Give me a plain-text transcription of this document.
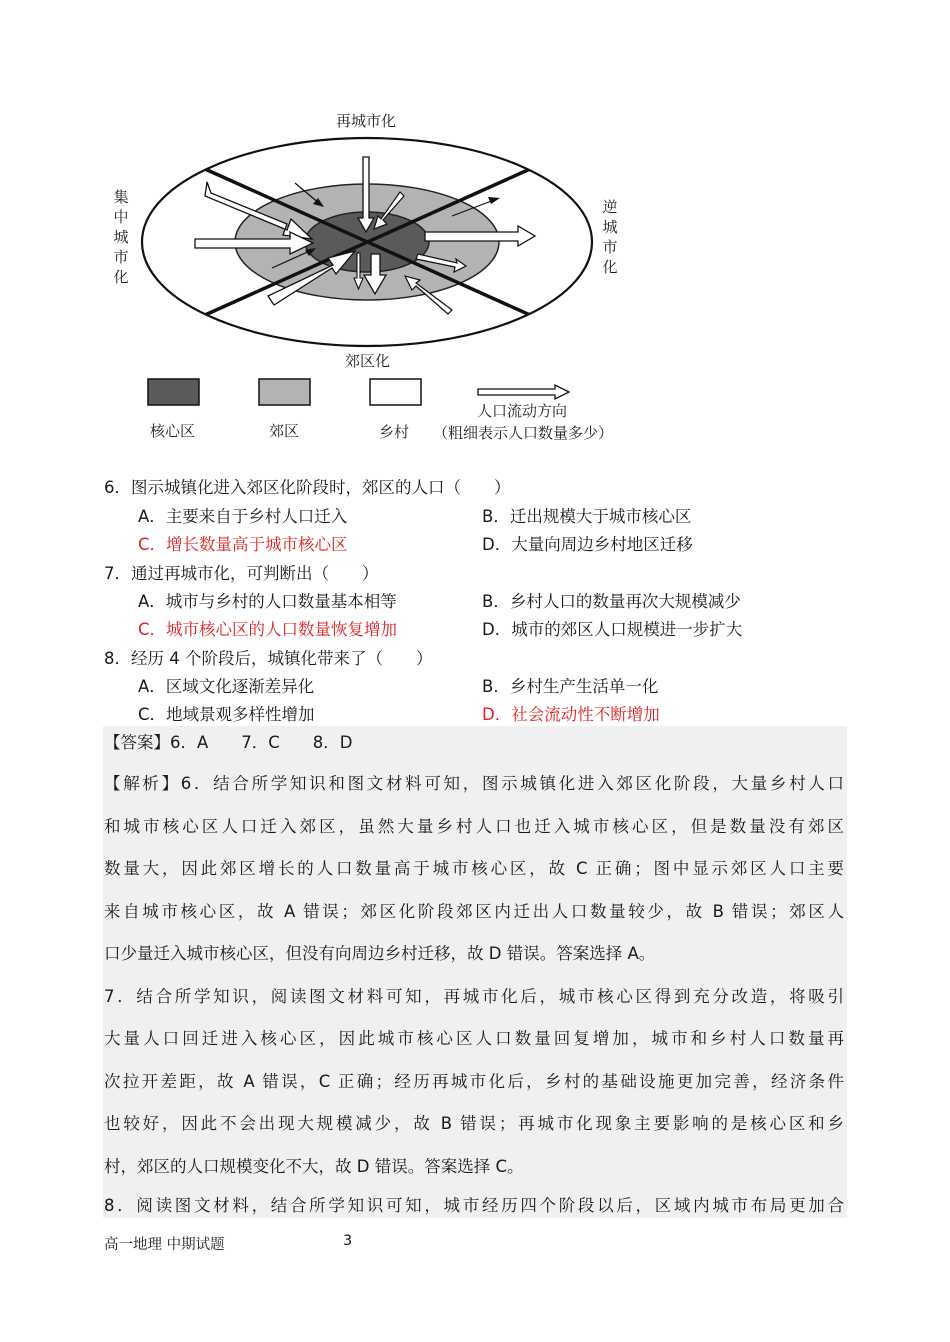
再城市化
集中城市化
逆城市化
郊区化
核心区	郊区	乡村
人口流动方向
（粗细表示人口数量多少）
6．图示城镇化进入郊区化阶段时，郊区的人口（　　）
A．主要来自于乡村人口迁入	B．迁出规模大于城市核心区
C．增长数量高于城市核心区	D．大量向周边乡村地区迁移
7．通过再城市化，可判断出（　　）
A．城市与乡村的人口数量基本相等	B．乡村人口的数量再次大规模减少
C．城市核心区的人口数量恢复增加	D．城市的郊区人口规模进一步扩大
8．经历 4 个阶段后，城镇化带来了（　　）
A．区域文化逐渐差异化	B．乡村生产生活单一化
C．地域景观多样性增加	D．社会流动性不断增加
【答案】6．A　　7．C　　8．D
【解析】6．结合所学知识和图文材料可知，图示城镇化进入郊区化阶段，大量乡村人口
和城市核心区人口迁入郊区，虽然大量乡村人口也迁入城市核心区，但是数量没有郊区
数量大，因此郊区增长的人口数量高于城市核心区，故 C 正确；图中显示郊区人口主要
来自城市核心区，故 A 错误；郊区化阶段郊区内迁出人口数量较少，故 B 错误；郊区人
口少量迁入城市核心区，但没有向周边乡村迁移，故 D 错误。答案选择 A。
7．结合所学知识，阅读图文材料可知，再城市化后，城市核心区得到充分改造，将吸引
大量人口回迁进入核心区，因此城市核心区人口数量回复增加，城市和乡村人口数量再
次拉开差距，故 A 错误，C 正确；经历再城市化后，乡村的基础设施更加完善，经济条件
也较好，因此不会出现大规模减少，故 B 错误；再城市化现象主要影响的是核心区和乡
村，郊区的人口规模变化不大，故 D 错误。答案选择 C。
8．阅读图文材料，结合所学知识可知，城市经历四个阶段以后，区域内城市布局更加合
高一地理 中期试题	3
